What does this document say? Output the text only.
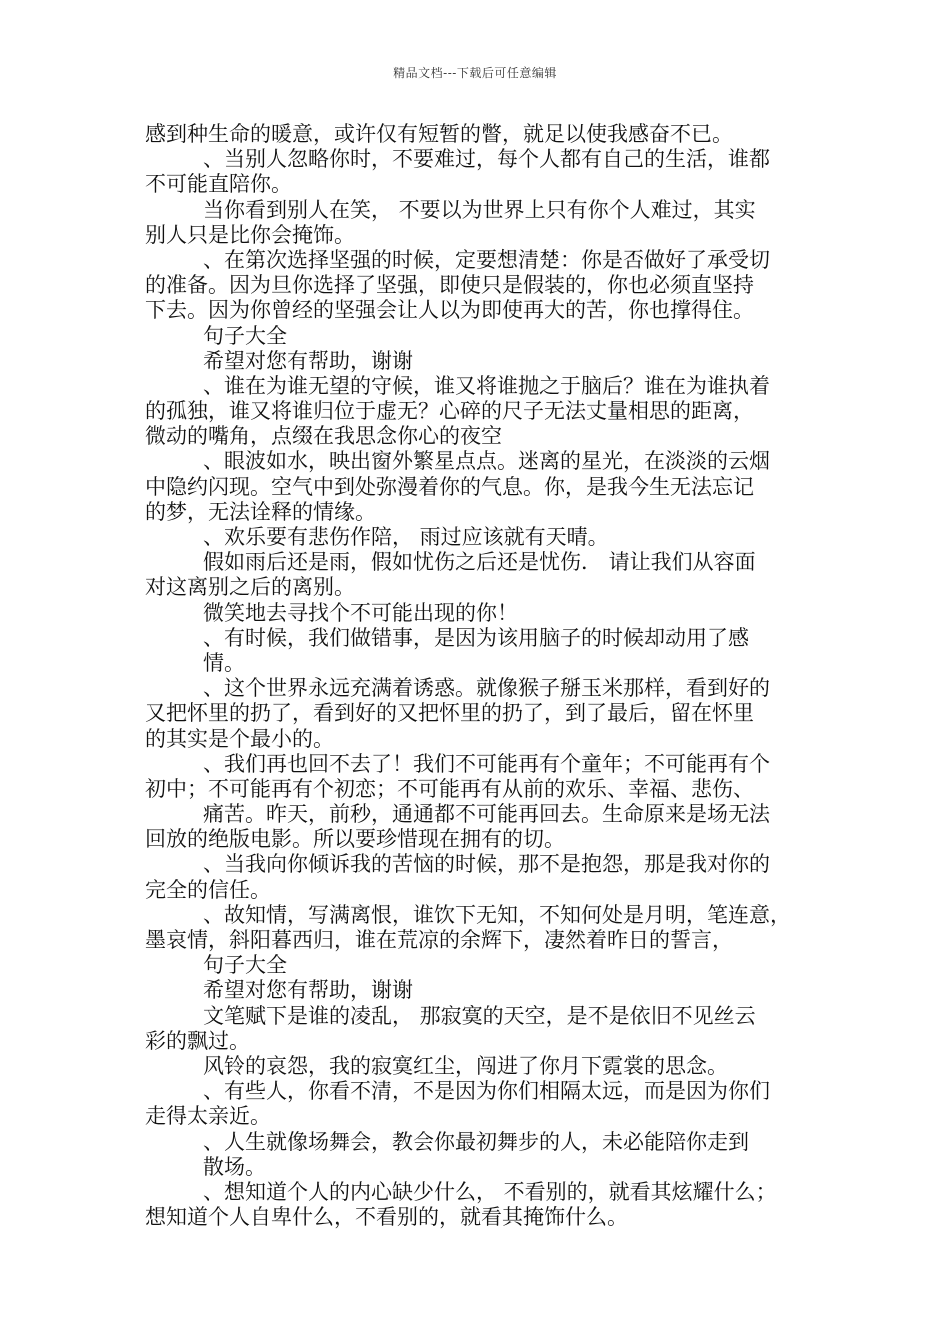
精品文档---下载后可任意编辑
感到种生命的暖意，或许仅有短暂的瞥，就足以使我感奋不已。
、当别人忽略你时，不要难过，每个人都有自己的生活，谁都
不可能直陪你。
当你看到别人在笑， 不要以为世界上只有你个人难过，其实
别人只是比你会掩饰。
、在第次选择坚强的时候，定要想清楚：你是否做好了承受切
的准备。因为旦你选择了坚强，即使只是假装的，你也必须直坚持
下去。因为你曾经的坚强会让人以为即使再大的苦，你也撑得住。
句子大全
希望对您有帮助，谢谢
、谁在为谁无望的守候，谁又将谁抛之于脑后？谁在为谁执着
的孤独，谁又将谁归位于虚无？心碎的尺子无法丈量相思的距离，
微动的嘴角，点缀在我思念你心的夜空
、眼波如水，映出窗外繁星点点。迷离的星光，在淡淡的云烟
中隐约闪现。空气中到处弥漫着你的气息。你，是我今生无法忘记
的梦，无法诠释的情缘。
、欢乐要有悲伤作陪， 雨过应该就有天晴。
假如雨后还是雨，假如忧伤之后还是忧伤． 请让我们从容面
对这离别之后的离别。
微笑地去寻找个不可能出现的你！
、有时候，我们做错事，是因为该用脑子的时候却动用了感
情。
、这个世界永远充满着诱惑。就像猴子掰玉米那样，看到好的
又把怀里的扔了，看到好的又把怀里的扔了，到了最后，留在怀里
的其实是个最小的。
、我们再也回不去了！我们不可能再有个童年；不可能再有个
初中；不可能再有个初恋；不可能再有从前的欢乐、幸福、悲伤、
痛苦。昨天，前秒，通通都不可能再回去。生命原来是场无法
回放的绝版电影。所以要珍惜现在拥有的切。
、当我向你倾诉我的苦恼的时候，那不是抱怨，那是我对你的
完全的信任。
、故知情，写满离恨，谁饮下无知，不知何处是月明，笔连意，
墨哀情，斜阳暮西归，谁在荒凉的余辉下，凄然着昨日的誓言，
句子大全
希望对您有帮助，谢谢
文笔赋下是谁的凌乱， 那寂寞的天空，是不是依旧不见丝云
彩的飘过。
风铃的哀怨，我的寂寞红尘，闯进了你月下霓裳的思念。
、有些人，你看不清，不是因为你们相隔太远，而是因为你们
走得太亲近。
、人生就像场舞会，教会你最初舞步的人，未必能陪你走到
散场。
、想知道个人的内心缺少什么， 不看别的，就看其炫耀什么；
想知道个人自卑什么，不看别的，就看其掩饰什么。
